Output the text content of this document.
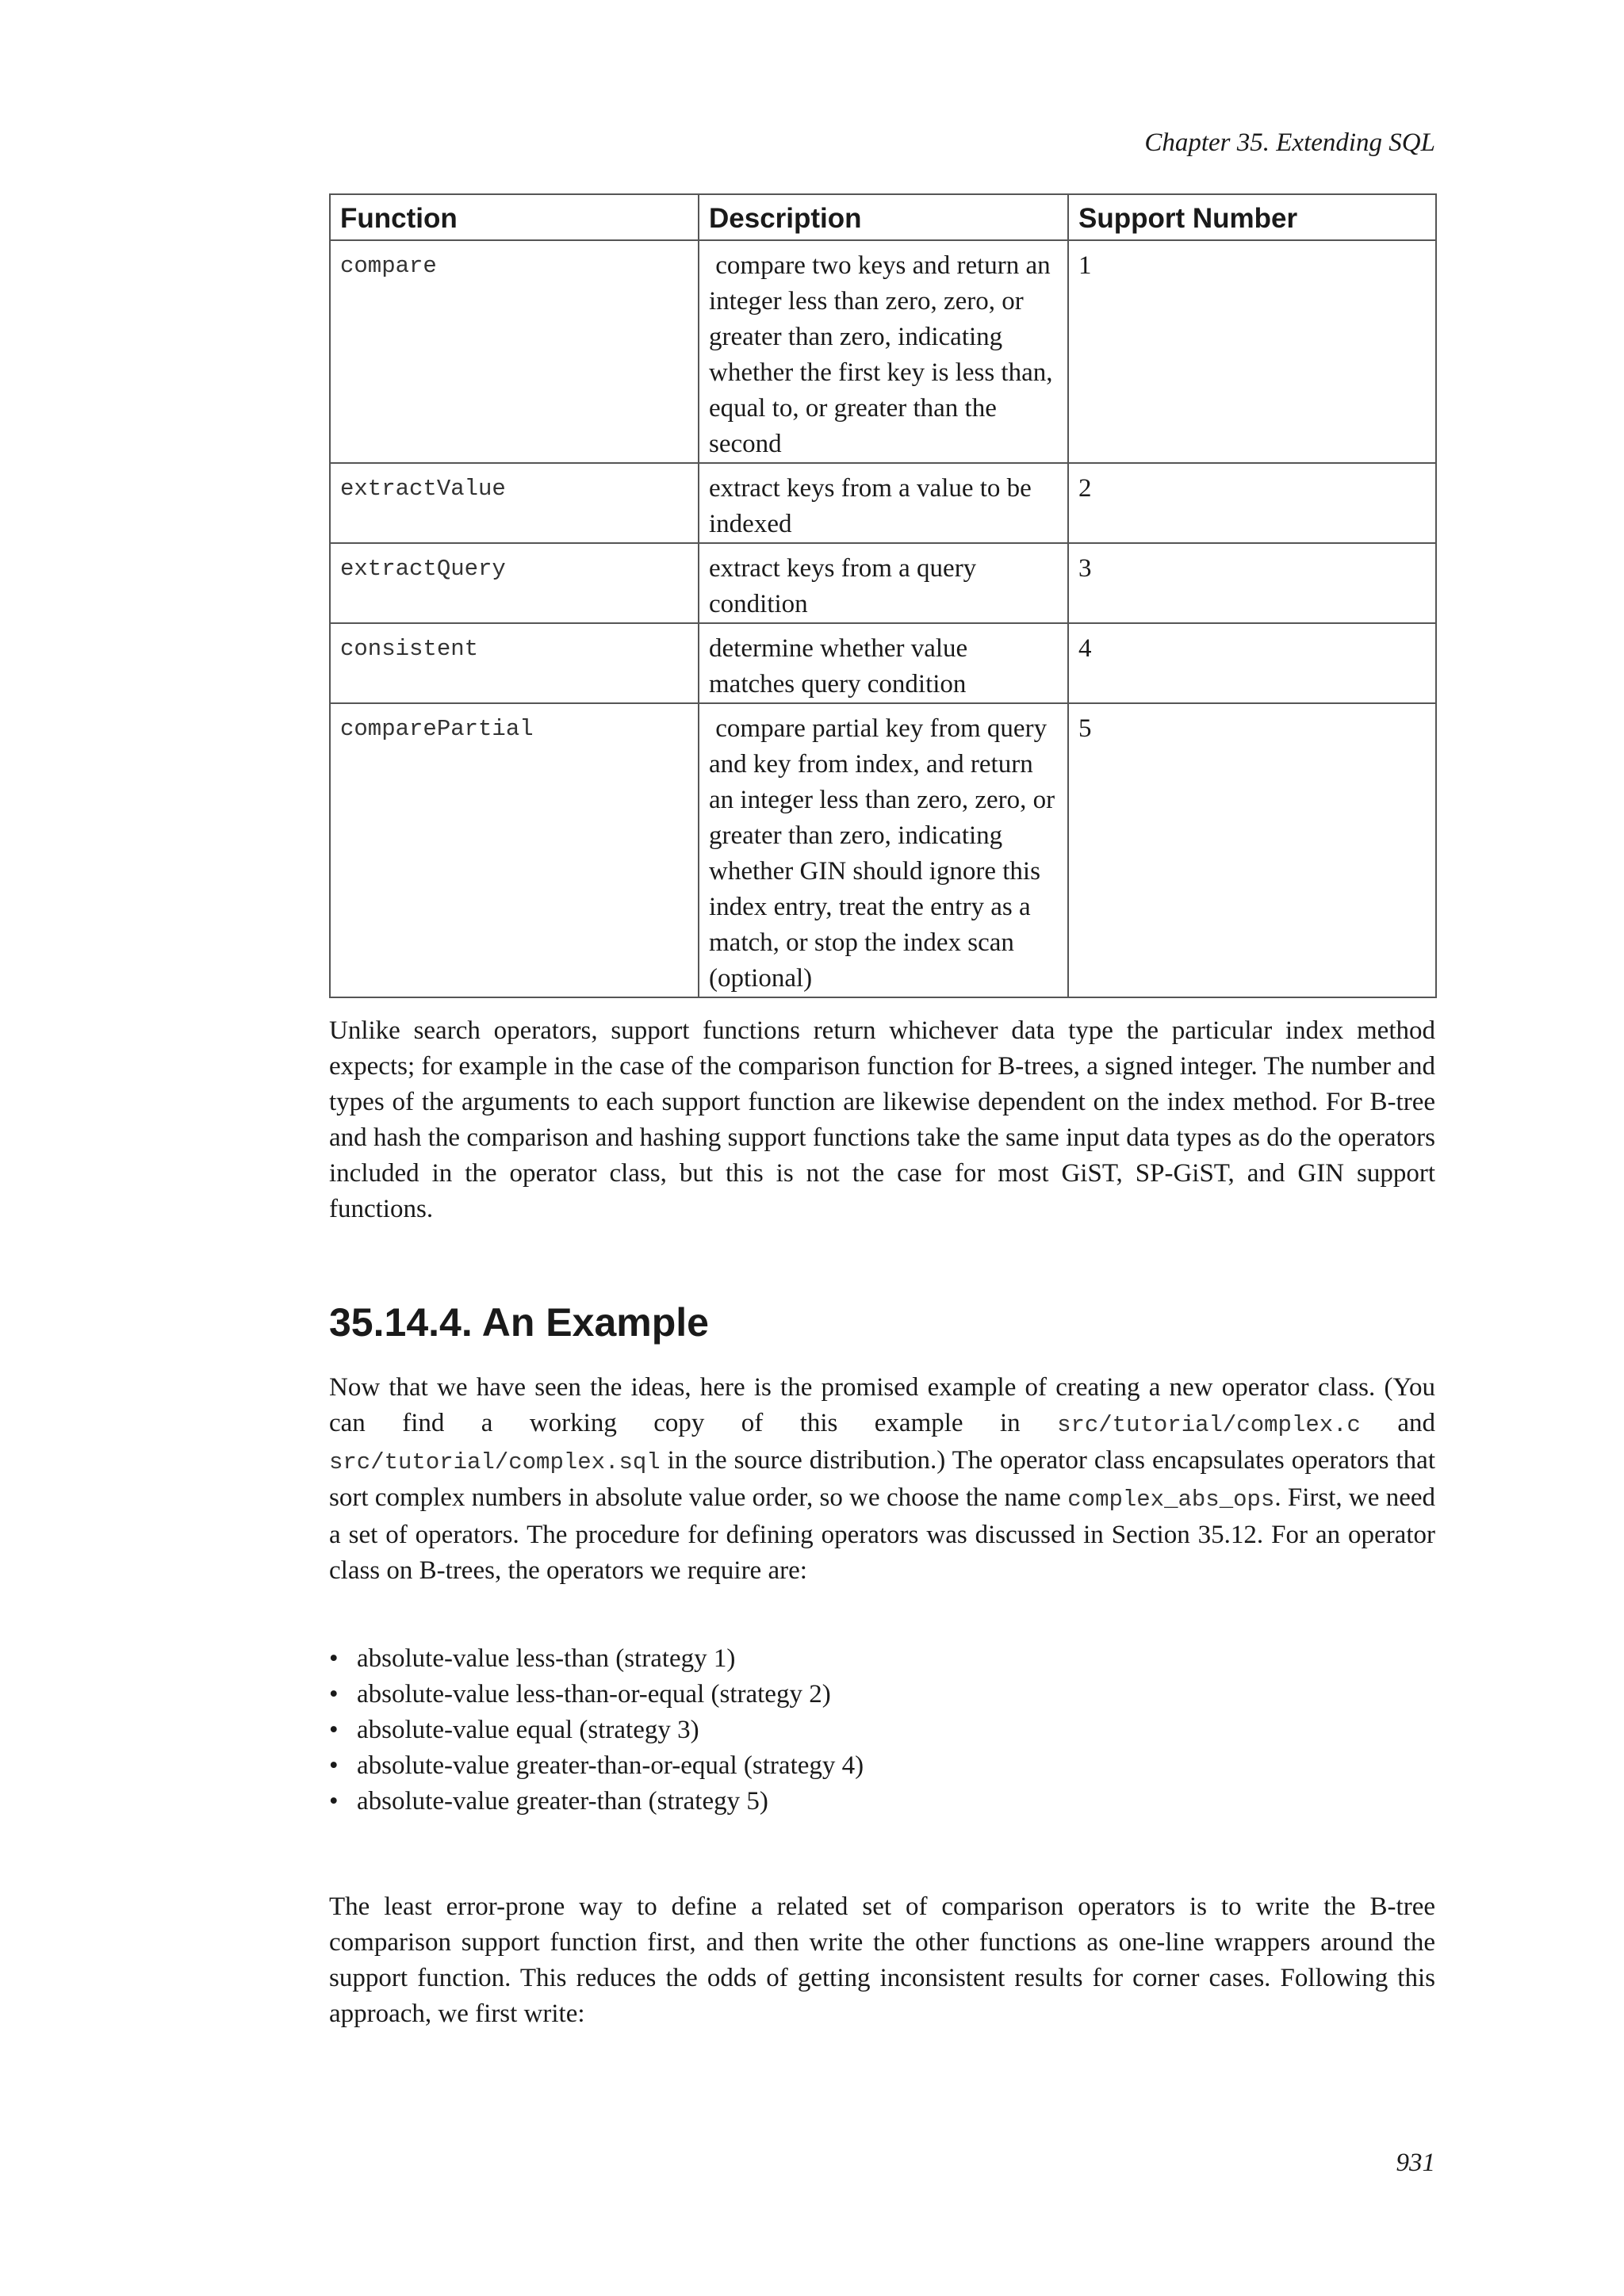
Chapter 35. Extending SQL
Function	Description	Support Number
compare	compare two keys and return an integer less than zero, zero, or greater than zero, indicating whether the first key is less than, equal to, or greater than the second	1
extractValue	extract keys from a value to be indexed	2
extractQuery	extract keys from a query condition	3
consistent	determine whether value matches query condition	4
comparePartial	compare partial key from query and key from index, and return an integer less than zero, zero, or greater than zero, indicating whether GIN should ignore this index entry, treat the entry as a match, or stop the index scan (optional)	5

Unlike search operators, support functions return whichever data type the particular index method expects; for example in the case of the comparison function for B-trees, a signed integer. The number and types of the arguments to each support function are likewise dependent on the index method. For B-tree and hash the comparison and hashing support functions take the same input data types as do the operators included in the operator class, but this is not the case for most GiST, SP-GiST, and GIN support functions.

35.14.4. An Example

Now that we have seen the ideas, here is the promised example of creating a new operator class. (You can find a working copy of this example in src/tutorial/complex.c and src/tutorial/complex.sql in the source distribution.) The operator class encapsulates operators that sort complex numbers in absolute value order, so we choose the name complex_abs_ops. First, we need a set of operators. The procedure for defining operators was discussed in Section 35.12. For an operator class on B-trees, the operators we require are:

• absolute-value less-than (strategy 1)
• absolute-value less-than-or-equal (strategy 2)
• absolute-value equal (strategy 3)
• absolute-value greater-than-or-equal (strategy 4)
• absolute-value greater-than (strategy 5)

The least error-prone way to define a related set of comparison operators is to write the B-tree comparison support function first, and then write the other functions as one-line wrappers around the support function. This reduces the odds of getting inconsistent results for corner cases. Following this approach, we first write:

931
